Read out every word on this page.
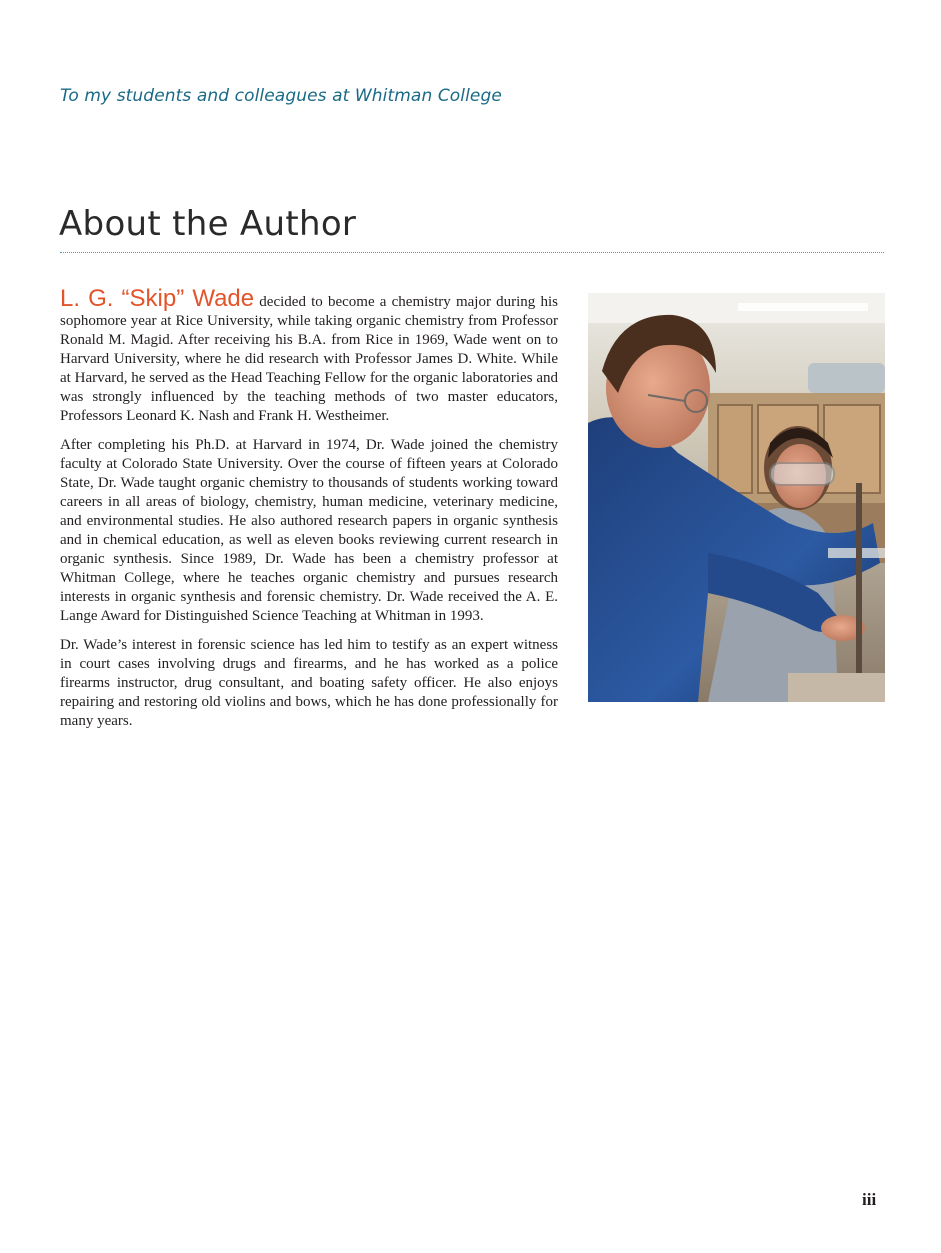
To my students and colleagues at Whitman College
About the Author

L. G. “Skip” Wade decided to become a chemistry major during his sophomore year at Rice University, while taking organic chemistry from Professor Ronald M. Magid. After receiving his B.A. from Rice in 1969, Wade went on to Harvard University, where he did research with Professor James D. White. While at Harvard, he served as the Head Teaching Fellow for the organic laboratories and was strongly influenced by the teaching methods of two master educators, Professors Leonard K. Nash and Frank H. Westheimer.

After completing his Ph.D. at Harvard in 1974, Dr. Wade joined the chemistry faculty at Colorado State University. Over the course of fifteen years at Colorado State, Dr. Wade taught organic chemistry to thousands of students working toward careers in all areas of biology, chemistry, human medicine, veterinary medicine, and environmental studies. He also authored research papers in organic synthesis and in chemical education, as well as eleven books reviewing current research in organic synthesis. Since 1989, Dr. Wade has been a chemistry professor at Whitman College, where he teaches organic chemistry and pursues research interests in organic synthesis and forensic chemistry. Dr. Wade received the A. E. Lange Award for Distinguished Science Teaching at Whitman in 1993.

Dr. Wade’s interest in forensic science has led him to testify as an expert witness in court cases involving drugs and firearms, and he has worked as a police firearms instructor, drug consultant, and boating safety officer. He also enjoys repairing and restoring old violins and bows, which he has done professionally for many years.

iii
